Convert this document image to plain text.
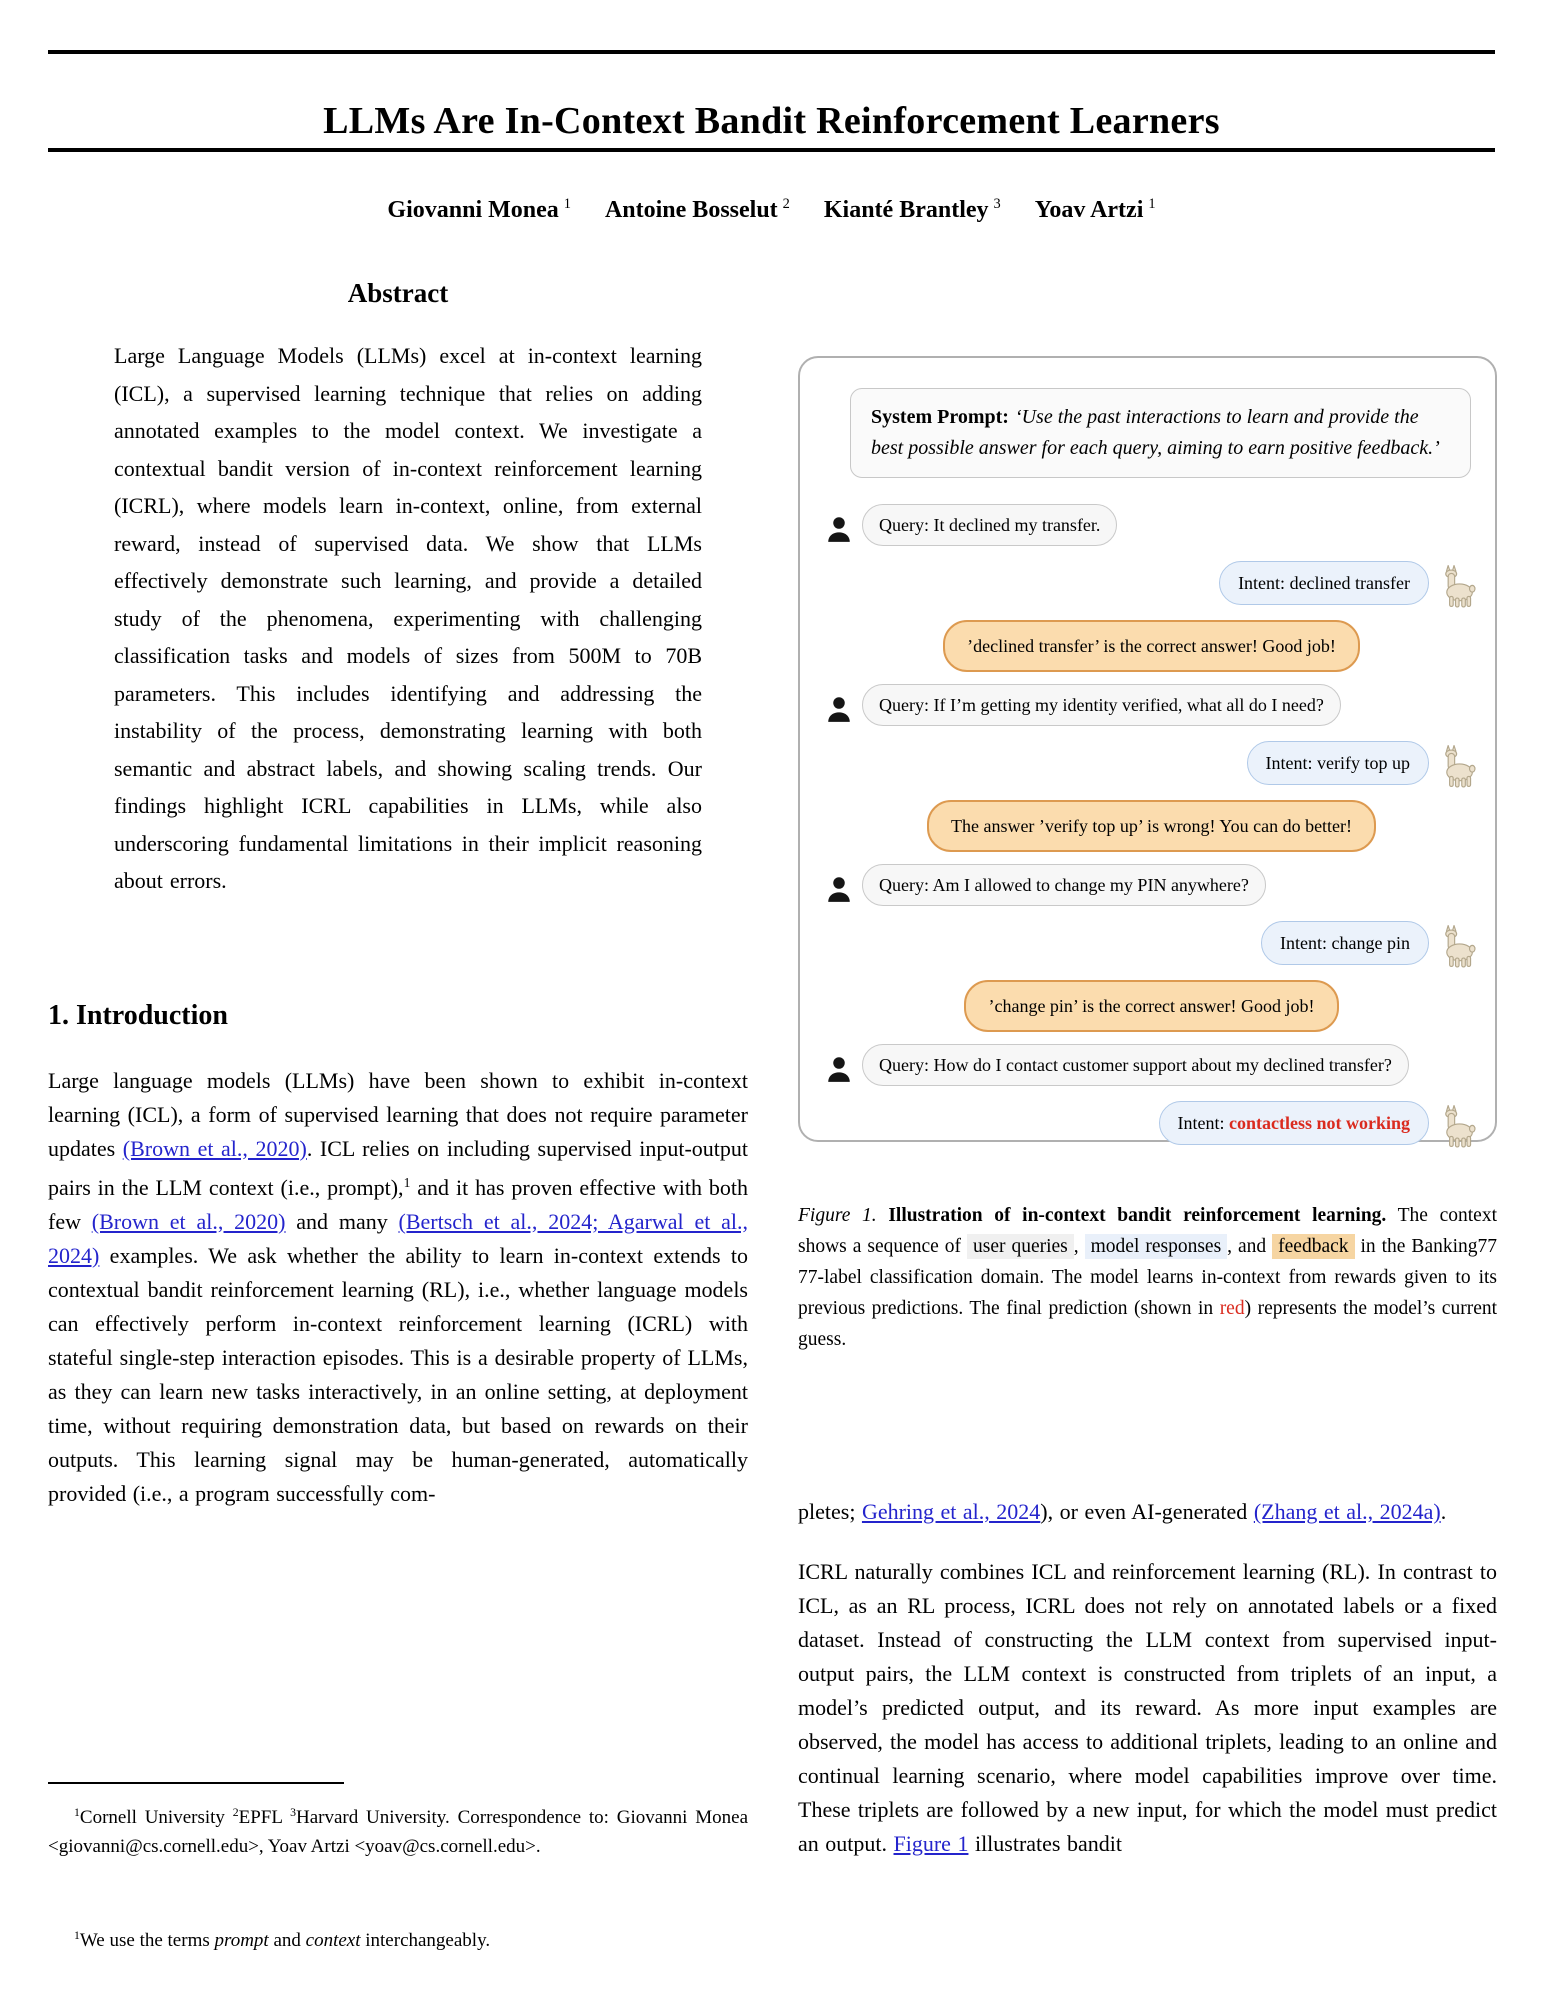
LLMs Are In-Context Bandit Reinforcement Learners
Giovanni Monea $^1$ Antoine Bosselut $^2$ Kianté Brantley $^3$ Yoav Artzi $^1$
Abstract

Large Language Models (LLMs) excel at in-context learning (ICL), a supervised learning technique that relies on adding annotated examples to the model context. We investigate a contextual bandit version of in-context reinforcement learning (ICRL), where models learn in-context, online, from external reward, instead of supervised data. We show that LLMs effectively demonstrate such learning, and provide a detailed study of the phenomena, experimenting with challenging classification tasks and models of sizes from 500M to 70B parameters. This includes identifying and addressing the instability of the process, demonstrating learning with both semantic and abstract labels, and showing scaling trends. Our findings highlight ICRL capabilities in LLMs, while also underscoring fundamental limitations in their implicit reasoning about errors.

1. Introduction

Large language models (LLMs) have been shown to exhibit in-context learning (ICL), a form of supervised learning that does not require parameter updates (Brown et al., 2020). ICL relies on including supervised input-output pairs in the LLM context (i.e., prompt),$^1$ and it has proven effective with both few (Brown et al., 2020) and many (Bertsch et al., 2024; Agarwal et al., 2024) examples. We ask whether the ability to learn in-context extends to contextual bandit reinforcement learning (RL), i.e., whether language models can effectively perform in-context reinforcement learning (ICRL) with stateful single-step interaction episodes. This is a desirable property of LLMs, as they can learn new tasks interactively, in an online setting, at deployment time, without requiring demonstration data, but based on rewards on their outputs. This learning signal may be human-generated, automatically provided (i.e., a program successfully com-

$^1$Cornell University $^2$EPFL $^3$Harvard University. Correspondence to: Giovanni Monea <giovanni@cs.cornell.edu>, Yoav Artzi <yoav@cs.cornell.edu>.

$^1$We use the terms prompt and context interchangeably.

System Prompt: ‘Use the past interactions to learn and provide the best possible answer for each query, aiming to earn positive feedback.’
Query: It declined my transfer.
Intent: declined transfer
’declined transfer’ is the correct answer! Good job!
Query: If I’m getting my identity verified, what all do I need?
Intent: verify top up
The answer ’verify top up’ is wrong! You can do better!
Query: Am I allowed to change my PIN anywhere?
Intent: change pin
’change pin’ is the correct answer! Good job!
Query: How do I contact customer support about my declined transfer?
Intent: contactless not working
Figure 1. Illustration of in-context bandit reinforcement learning. The context shows a sequence of user queries , model responses , and feedback in the Banking77 77-label classification domain. The model learns in-context from rewards given to its previous predictions. The final prediction (shown in red) represents the model’s current guess.

pletes; Gehring et al., 2024), or even AI-generated (Zhang et al., 2024a).

ICRL naturally combines ICL and reinforcement learning (RL). In contrast to ICL, as an RL process, ICRL does not rely on annotated labels or a fixed dataset. Instead of constructing the LLM context from supervised input-output pairs, the LLM context is constructed from triplets of an input, a model’s predicted output, and its reward. As more input examples are observed, the model has access to additional triplets, leading to an online and continual learning scenario, where model capabilities improve over time. These triplets are followed by a new input, for which the model must predict an output. Figure 1 illustrates bandit
